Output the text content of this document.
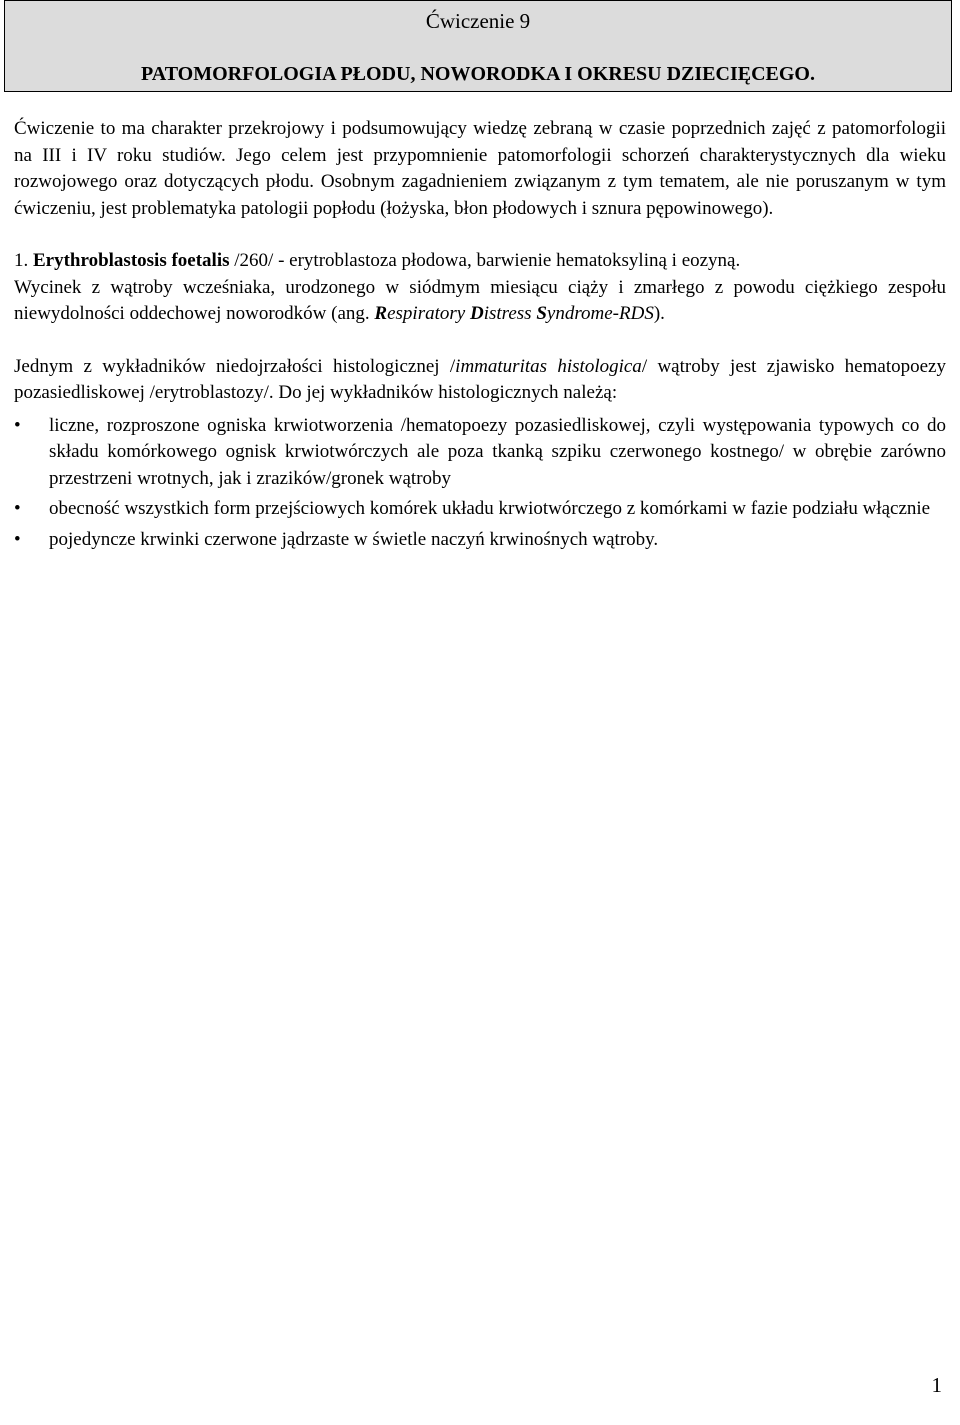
Ćwiczenie 9
PATOMORFOLOGIA PŁODU, NOWORODKA I OKRESU DZIECIĘCEGO.

Ćwiczenie to ma charakter przekrojowy i podsumowujący wiedzę zebraną w czasie poprzednich zajęć z patomorfologii na III i IV roku studiów. Jego celem jest przypomnienie patomorfologii schorzeń charakterystycznych dla wieku rozwojowego oraz dotyczących płodu. Osobnym zagadnieniem związanym z tym tematem, ale nie poruszanym w tym ćwiczeniu, jest problematyka patologii popłodu (łożyska, błon płodowych i sznura pępowinowego).

1. Erythroblastosis foetalis /260/ - erytroblastoza płodowa, barwienie hematoksyliną i eozyną.
Wycinek z wątroby wcześniaka, urodzonego w siódmym miesiącu ciąży i zmarłego z powodu ciężkiego zespołu niewydolności oddechowej noworodków (ang. Respiratory Distress Syndrome-RDS).

Jednym z wykładników niedojrzałości histologicznej /immaturitas histologica/ wątroby jest zjawisko hematopoezy pozasiedliskowej /erytroblastozy/. Do jej wykładników histologicznych należą:

•	liczne, rozproszone ogniska krwiotworzenia /hematopoezy pozasiedliskowej, czyli występowania typowych co do składu komórkowego ognisk krwiotwórczych ale poza tkanką szpiku czerwonego kostnego/ w obrębie zarówno przestrzeni wrotnych, jak i zrazików/gronek wątroby
•	obecność wszystkich form przejściowych komórek układu krwiotwórczego z komórkami w fazie podziału włącznie
•	pojedyncze krwinki czerwone jądrzaste w świetle naczyń krwinośnych wątroby.
1
